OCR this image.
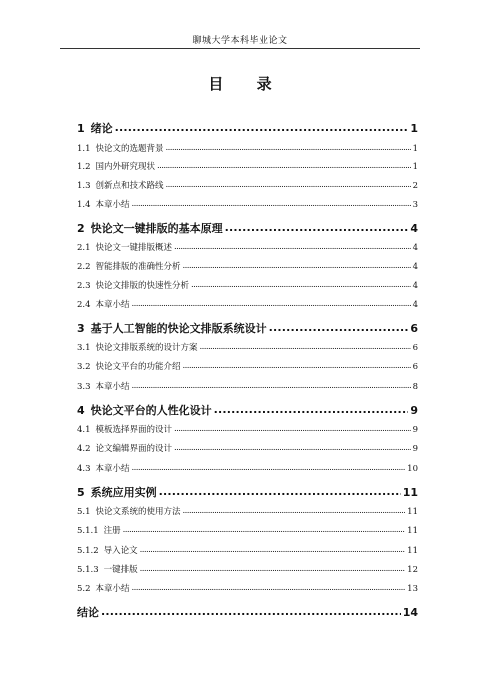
聊城大学本科毕业论文
目 录
1 绪论 .....	1
1.1 快论文的选题背景 .....	1
1.2 国内外研究现状 .....	1
1.3 创新点和技术路线 .....	2
1.4 本章小结 .....	3
2 快论文一键排版的基本原理 .....	4
2.1 快论文一键排版概述 .....	4
2.2 智能排版的准确性分析 .....	4
2.3 快论文排版的快速性分析 .....	4
2.4 本章小结 .....	4
3 基于人工智能的快论文排版系统设计 .....	6
3.1 快论文排版系统的设计方案 .....	6
3.2 快论文平台的功能介绍 .....	6
3.3 本章小结 .....	8
4 快论文平台的人性化设计 .....	9
4.1 模板选择界面的设计 .....	9
4.2 论文编辑界面的设计 .....	9
4.3 本章小结 .....	10
5 系统应用实例 .....	11
5.1 快论文系统的使用方法 .....	11
5.1.1 注册 .....	11
5.1.2 导入论文 .....	11
5.1.3 一键排版 .....	12
5.2 本章小结 .....	13
结论 .....	14
